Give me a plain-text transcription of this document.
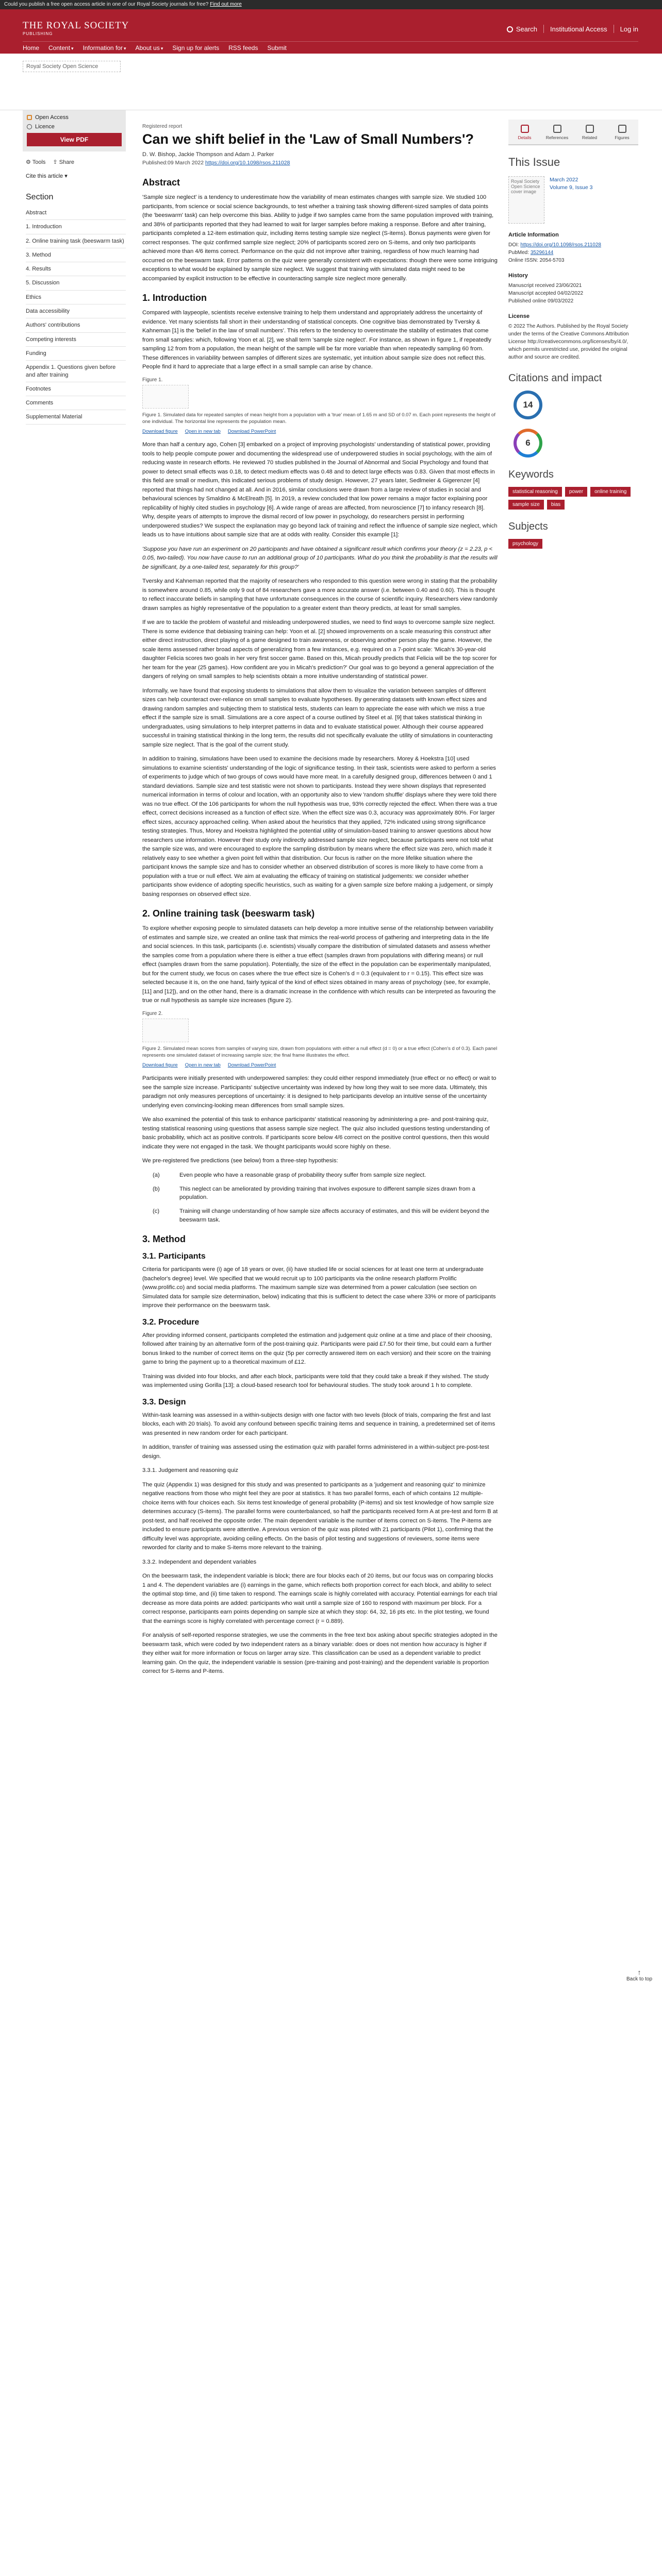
Could you publish a free open access article in one of our Royal Society journals for free? Find out more
THE ROYAL SOCIETY
PUBLISHING
Search Institutional Access Log in
Home Content ▾ Information for ▾ About us ▾ Sign up for alerts RSS feeds Submit
Royal Society Open Science
Open Access
Licence
View PDF
⚙ Tools ⇪ Share
Cite this article ▾
Section
Abstract
1. Introduction
2. Online training task (beeswarm task)
3. Method
4. Results
5. Discussion
Ethics
Data accessibility
Authors' contributions
Competing interests
Funding
Appendix 1. Questions given before and after training
Footnotes
Comments
Supplemental Material
Registered report
Can we shift belief in the 'Law of Small Numbers'?
D. W. Bishop, Jackie Thompson and Adam J. Parker
Published:09 March 2022 https://doi.org/10.1098/rsos.211028
Abstract

'Sample size neglect' is a tendency to underestimate how the variability of mean estimates changes with sample size. We studied 100 participants, from science or social science backgrounds, to test whether a training task showing different-sized samples of data points (the 'beeswarm' task) can help overcome this bias. Ability to judge if two samples came from the same population improved with training, and 38% of participants reported that they had learned to wait for larger samples before making a response. Before and after training, participants completed a 12-item estimation quiz, including items testing sample size neglect (S-items). Bonus payments were given for correct responses. The quiz confirmed sample size neglect; 20% of participants scored zero on S-items, and only two participants achieved more than 4/6 items correct. Performance on the quiz did not improve after training, regardless of how much learning had occurred on the beeswarm task. Error patterns on the quiz were generally consistent with expectations: though there were some intriguing exceptions to what would be explained by sample size neglect. We suggest that training with simulated data might need to be accompanied by explicit instruction to be effective in counteracting sample size neglect more generally.

1. Introduction

Compared with laypeople, scientists receive extensive training to help them understand and appropriately address the uncertainty of evidence. Yet many scientists fall short in their understanding of statistical concepts. One cognitive bias demonstrated by Tversky & Kahneman [1] is the 'belief in the law of small numbers'. This refers to the tendency to overestimate the stability of estimates that come from small samples: which, following Yoon et al. [2], we shall term 'sample size neglect'. For instance, as shown in figure 1, if repeatedly sampling 12 from from a population, the mean height of the sample will be far more variable than when repeatedly sampling 60 from. These differences in variability between samples of different sizes are systematic, yet intuition about sample size does not reflect this. People find it hard to appreciate that a large effect in a small sample can arise by chance.

Figure 1.
Figure 1. Simulated data for repeated samples of mean height from a population with a 'true' mean of 1.65 m and SD of 0.07 m. Each point represents the height of one individual. The horizontal line represents the population mean.
Download figure Open in new tab Download PowerPoint

More than half a century ago, Cohen [3] embarked on a project of improving psychologists' understanding of statistical power, providing tools to help people compute power and documenting the widespread use of underpowered studies in social psychology, with the aim of reducing waste in research efforts. He reviewed 70 studies published in the Journal of Abnormal and Social Psychology and found that power to detect small effects was 0.18, to detect medium effects was 0.48 and to detect large effects was 0.83. Given that most effects in this field are small or medium, this indicated serious problems of study design. However, 27 years later, Sedlmeier & Gigerenzer [4] reported that things had not changed at all. And in 2016, similar conclusions were drawn from a large review of studies in social and behavioural sciences by Smaldino & McElreath [5]. In 2019, a review concluded that low power remains a major factor explaining poor replicability of highly cited studies in psychology [6]. A wide range of areas are affected, from neuroscience [7] to infancy research [8]. Why, despite years of attempts to improve the dismal record of low power in psychology, do researchers persist in performing underpowered studies? We suspect the explanation may go beyond lack of training and reflect the influence of sample size neglect, which leads us to have intuitions about sample size that are at odds with reality. Consider this example [1]:

'Suppose you have run an experiment on 20 participants and have obtained a significant result which confirms your theory (z = 2.23, p < 0.05, two-tailed). You now have cause to run an additional group of 10 participants. What do you think the probability is that the results will be significant, by a one-tailed test, separately for this group?'

Tversky and Kahneman reported that the majority of researchers who responded to this question were wrong in stating that the probability is somewhere around 0.85, while only 9 out of 84 researchers gave a more accurate answer (i.e. between 0.40 and 0.60). This is thought to reflect inaccurate beliefs in sampling that have unfortunate consequences in the course of scientific inquiry. Researchers view randomly drawn samples as highly representative of the population to a greater extent than theory predicts, at least for small samples.

If we are to tackle the problem of wasteful and misleading underpowered studies, we need to find ways to overcome sample size neglect. There is some evidence that debiasing training can help: Yoon et al. [2] showed improvements on a scale measuring this construct after either direct instruction, direct playing of a game designed to train awareness, or observing another person play the game. However, the scale items assessed rather broad aspects of generalizing from a few instances, e.g. required on a 7-point scale: 'Micah's 30-year-old daughter Felicia scores two goals in her very first soccer game. Based on this, Micah proudly predicts that Felicia will be the top scorer for her team for the year (25 games). How confident are you in Micah's prediction?' Our goal was to go beyond a general appreciation of the dangers of relying on small samples to help scientists obtain a more intuitive understanding of statistical power.

Informally, we have found that exposing students to simulations that allow them to visualize the variation between samples of different sizes can help counteract over-reliance on small samples to evaluate hypotheses. By generating datasets with known effect sizes and drawing random samples and subjecting them to statistical tests, students can learn to appreciate the ease with which we miss a true effect if the sample size is small. Simulations are a core aspect of a course outlined by Steel et al. [9] that takes statistical thinking in undergraduates, using simulations to help interpret patterns in data and to evaluate statistical power. Although their course appeared successful in training statistical thinking in the long term, the results did not specifically evaluate the utility of simulations in counteracting sample size neglect. That is the goal of the current study.

In addition to training, simulations have been used to examine the decisions made by researchers. Morey & Hoekstra [10] used simulations to examine scientists' understanding of the logic of significance testing. In their task, scientists were asked to perform a series of experiments to judge which of two groups of cows would have more meat. In a carefully designed group, differences between 0 and 1 standard deviations. Sample size and test statistic were not shown to participants. Instead they were shown displays that represented numerical information in terms of colour and location, with an opportunity also to view 'random shuffle' displays where they were told there was no true effect. Of the 106 participants for whom the null hypothesis was true, 93% correctly rejected the effect. When there was a true effect, correct decisions increased as a function of effect size. When the effect size was 0.3, accuracy was approximately 80%. For larger effect sizes, accuracy approached ceiling. When asked about the heuristics that they applied, 72% indicated using strong significance testing strategies. Thus, Morey and Hoekstra highlighted the potential utility of simulation-based training to answer questions about how researchers use information. However their study only indirectly addressed sample size neglect, because participants were not told what the sample size was, and were encouraged to explore the sampling distribution by means where the effect size was zero, which made it relatively easy to see whether a given point fell within that distribution. Our focus is rather on the more lifelike situation where the participant knows the sample size and has to consider whether an observed distribution of scores is more likely to have come from a population with a true or null effect. We aim at evaluating the efficacy of training on statistical judgements: we consider whether participants show evidence of adopting specific heuristics, such as waiting for a given sample size before making a judgement, or simply basing responses on observed effect size.

2. Online training task (beeswarm task)

To explore whether exposing people to simulated datasets can help develop a more intuitive sense of the relationship between variability of estimates and sample size, we created an online task that mimics the real-world process of gathering and interpreting data in the life and social sciences. In this task, participants (i.e. scientists) visually compare the distribution of simulated datasets and assess whether the samples come from a population where there is either a true effect (samples drawn from populations with differing means) or null effect (samples drawn from the same population). Potentially, the size of the effect in the population can be experimentally manipulated, but for the current study, we focus on cases where the true effect size is Cohen's d = 0.3 (equivalent to r = 0.15). This effect size was selected because it is, on the one hand, fairly typical of the kind of effect sizes obtained in many areas of psychology (see, for example, [11] and [12]), and on the other hand, there is a dramatic increase in the confidence with which results can be interpreted as favouring the true or null hypothesis as sample size increases (figure 2).

Figure 2.
Figure 2. Simulated mean scores from samples of varying size, drawn from populations with either a null effect (d = 0) or a true effect (Cohen's d of 0.3). Each panel represents one simulated dataset of increasing sample size; the final frame illustrates the effect.
Download figure Open in new tab Download PowerPoint

Participants were initially presented with underpowered samples: they could either respond immediately (true effect or no effect) or wait to see the sample size increase. Participants' subjective uncertainty was indexed by how long they wait to see more data. Ultimately, this paradigm not only measures perceptions of uncertainty: it is designed to help participants develop an intuitive sense of the uncertainty underlying even convincing-looking mean differences from small sample sizes.

We also examined the potential of this task to enhance participants' statistical reasoning by administering a pre- and post-training quiz, testing statistical reasoning using questions that assess sample size neglect. The quiz also included questions testing understanding of basic probability, which act as positive controls. If participants score below 4/6 correct on the positive control questions, then this would indicate they were not engaged in the task. We thought participants would score highly on these.

We pre-registered five predictions (see below) from a three-step hypothesis:

(a)	Even people who have a reasonable grasp of probability theory suffer from sample size neglect.
(b)	This neglect can be ameliorated by providing training that involves exposure to different sample sizes drawn from a population.
(c)	Training will change understanding of how sample size affects accuracy of estimates, and this will be evident beyond the beeswarm task.
3. Method
3.1. Participants

Criteria for participants were (i) age of 18 years or over, (ii) have studied life or social sciences for at least one term at undergraduate (bachelor's degree) level. We specified that we would recruit up to 100 participants via the online research platform Prolific (www.prolific.co) and social media platforms. The maximum sample size was determined from a power calculation (see section on Simulated data for sample size determination, below) indicating that this is sufficient to detect the case where 33% or more of participants improve their performance on the beeswarm task.

3.2. Procedure

After providing informed consent, participants completed the estimation and judgement quiz online at a time and place of their choosing, followed after training by an alternative form of the post-training quiz. Participants were paid £7.50 for their time, but could earn a further bonus linked to the number of correct items on the quiz (5p per correctly answered item on each version) and their score on the training game to bring the payment up to a theoretical maximum of £12.

Training was divided into four blocks, and after each block, participants were told that they could take a break if they wished. The study was implemented using Gorilla [13]; a cloud-based research tool for behavioural studies. The study took around 1 h to complete.

3.3. Design

Within-task learning was assessed in a within-subjects design with one factor with two levels (block of trials, comparing the first and last blocks, each with 20 trials). To avoid any confound between specific training items and sequence in training, a predetermined set of items was presented in new random order for each participant.

In addition, transfer of training was assessed using the estimation quiz with parallel forms administered in a within-subject pre-post-test design.

3.3.1. Judgement and reasoning quiz

The quiz (Appendix 1) was designed for this study and was presented to participants as a 'judgement and reasoning quiz' to minimize negative reactions from those who might feel they are poor at statistics. It has two parallel forms, each of which contains 12 multiple-choice items with four choices each. Six items test knowledge of general probability (P-items) and six test knowledge of how sample size determines accuracy (S-items). The parallel forms were counterbalanced, so half the participants received form A at pre-test and form B at post-test, and half received the opposite order. The main dependent variable is the number of items correct on S-items. The P-items are included to ensure participants were attentive. A previous version of the quiz was piloted with 21 participants (Pilot 1), confirming that the difficulty level was appropriate, avoiding ceiling effects. On the basis of pilot testing and suggestions of reviewers, some items were reworded for clarity and to make S-items more relevant to the training.

3.3.2. Independent and dependent variables

On the beeswarm task, the independent variable is block; there are four blocks each of 20 items, but our focus was on comparing blocks 1 and 4. The dependent variables are (i) earnings in the game, which reflects both proportion correct for each block, and ability to select the optimal stop time, and (ii) time taken to respond. The earnings scale is highly correlated with accuracy. Potential earnings for each trial decrease as more data points are added: participants who wait until a sample size of 160 to respond with maximum per block. For a correct response, participants earn points depending on sample size at which they stop: 64, 32, 16 pts etc. In the plot testing, we found that the earnings score is highly correlated with percentage correct (r = 0.889).

For analysis of self-reported response strategies, we use the comments in the free text box asking about specific strategies adopted in the beeswarm task, which were coded by two independent raters as a binary variable: does or does not mention how accuracy is higher if they either wait for more information or focus on larger array size. This classification can be used as a dependent variable to predict learning gain. On the quiz, the independent variable is session (pre-training and post-training) and the dependent variable is proportion correct for S-items and P-items.

Details	References	Related	Figures
This Issue
Royal Society Open Science cover image
March 2022
Volume 9, Issue 3
Article Information
DOI: https://doi.org/10.1098/rsos.211028
PubMed: 35296144
Online ISSN: 2054-5703
History
Manuscript received 23/06/2021
Manuscript accepted 04/02/2022
Published online 09/03/2022
License
© 2022 The Authors. Published by the Royal Society under the terms of the Creative Commons Attribution License http://creativecommons.org/licenses/by/4.0/, which permits unrestricted use, provided the original author and source are credited.
Citations and impact
14
6
Keywords
statistical reasoning	power	online training
sample size	bias
Subjects
psychology
↑
Back to top
